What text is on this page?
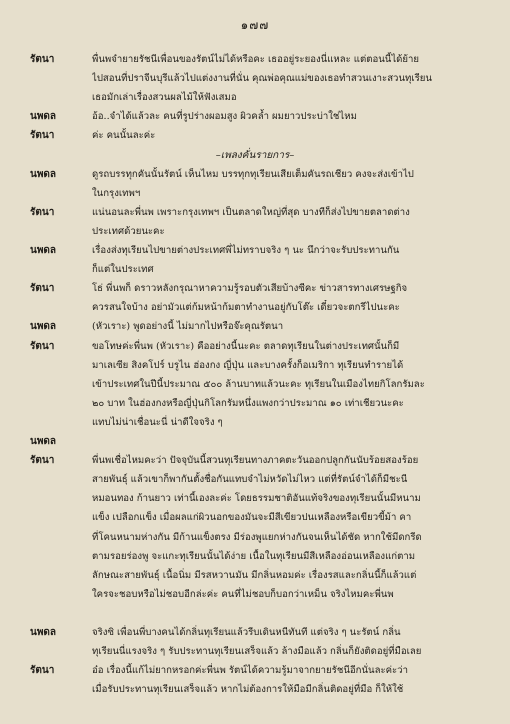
๑๗๗
รัตนา	พื่นพจำยายรัชนีเพื่อนของรัตน์ไม่ได้หรือคะ เธออยู่ระยองนี่แหละ แต่ตอนนี้ได้ย้าย
ไปสอนที่ปราจีนบุรีแล้วไปแต่งงานที่นั่น คุณพ่อคุณแม่ของเธอทำสวนเงาะสวนทุเรียน
เธอมักเล่าเรื่องสวนผลไม้ให้ฟังเสมอ
นพดล	อ้อ..จำได้แล้วละ คนที่รูปร่างผอมสูง ผิวคล้ำ ผมยาวประบ่าใช่ไหม
รัตนา	ค่ะ คนนั้นละค่ะ
–เพลงคั่นรายการ–
นพดล	ดูรถบรรทุกคันนั้นรัตน์ เห็นไหม บรรทุกทุเรียนเสียเต็มคันรถเชียว คงจะส่งเข้าไป
ในกรุงเทพฯ
รัตนา	แน่นอนละพี่นพ เพราะกรุงเทพฯ เป็นตลาดใหญ่ที่สุด บางทีก็ส่งไปขายตลาดต่าง
ประเทศด้วยนะคะ
นพดล	เรื่องส่งทุเรียนไปขายต่างประเทศพี่ไม่ทราบจริง ๆ นะ นึกว่าจะรับประทานกัน
ก็แต่ในประเทศ
รัตนา	โธ่ พี่นพก็ ดราวหลังกรุณาหาความรู้รอบตัวเสียบ้างซีคะ ข่าวสารทางเศรษฐกิจ
ควรสนใจบ้าง อย่ามัวแต่ก้มหน้าก้มตาทำงานอยู่กับโต๊ะ เดี๋ยวจะตกรีไปนะคะ
นพดล	(หัวเราะ) พูดอย่างนี้ ไม่มากไปหรือจ๊ะคุณรัตนา
รัตนา	ขอโทษค่ะพี่นพ (หัวเราะ) คืออย่างนี้นะคะ ตลาดทุเรียนในต่างประเทศนั้นก็มี
มาเลเซีย สิงคโปร์ บรูไน ฮ่องกง ญี่ปุ่น และบางครั้งก็อเมริกา ทุเรียนทำรายได้
เข้าประเทศในปีนี้ประมาณ ๕๐๐ ล้านบาทแล้วนะคะ ทุเรียนในเมืองไทยกิโลกรัมละ
๒๐ บาท ในฮ่องกงหรือญี่ปุ่นกิโลกรัมหนึ่งแพงกว่าประมาณ ๑๐ เท่าเชียวนะคะ
แทบไม่น่าเชื่อนะนี่ น่าดีใจจริง ๆ
นพดล
รัตนา	พี่นพเชื่อไหมคะว่า ปัจจุบันนี้สวนทุเรียนทางภาคตะวันออกปลูกกันนับร้อยสองร้อย
สายพันธุ์ แล้วเขาก็พากันตั้งชื่อกันแทบจำไม่หวัดไม่ไหว แต่ที่รัตน์จำได้ก็มีชะนี
หมอนทอง ก้านยาว เท่านี้เองละค่ะ โดยธรรมชาติอันแท้จริงของทุเรียนนั้นมีหนาม
แข็ง เปลือกแข็ง เมื่อผลแก่ผิวนอกของมันจะมีสีเขียวปนเหลืองหรือเขียวขี้ม้า คา
ที่โคนหนามห่างกัน มีก้านแข็งตรง มีร่องพูแยกห่างกันจนเห็นได้ชัด หากใช้มีดกรีด
ตามรอยร่องพู จะแกะทุเรียนนั้นได้ง่าย เนื้อในทุเรียนมีสีเหลืองอ่อนเหลืองแก่ตาม
ลักษณะสายพันธุ์ เนื้อนิ่ม มีรสหวานมัน มีกลิ่นหอมค่ะ เรื่องรสและกลิ่นนี้ก็แล้วแต่
ใครจะชอบหรือไม่ชอบอีกล่ะค่ะ คนที่ไม่ชอบก็บอกว่าเหม็น จริงไหมคะพี่นพ
นพดล	จริงซิ เพื่อนพี่บางคนได้กลิ่นทุเรียนแล้วรีบเดินหนีทันที แต่จริง ๆ นะรัตน์ กลิ่น
ทุเรียนนี่แรงจริง ๆ รับประทานทุเรียนเสร็จแล้ว ล้างมือแล้ว กลิ่นก็ยังติดอยู่ที่มือเลย
รัตนา	อ๋อ เรื่องนี้แก้ไม่ยากหรอกค่ะพี่นพ รัตน์ได้ความรู้มาจากยายรัชนีอีกนั่นละค่ะว่า
เมื่อรับประทานทุเรียนเสร็จแล้ว หากไม่ต้องการให้มือมีกลิ่นติดอยู่ที่มือ ก็ให้ใช้
